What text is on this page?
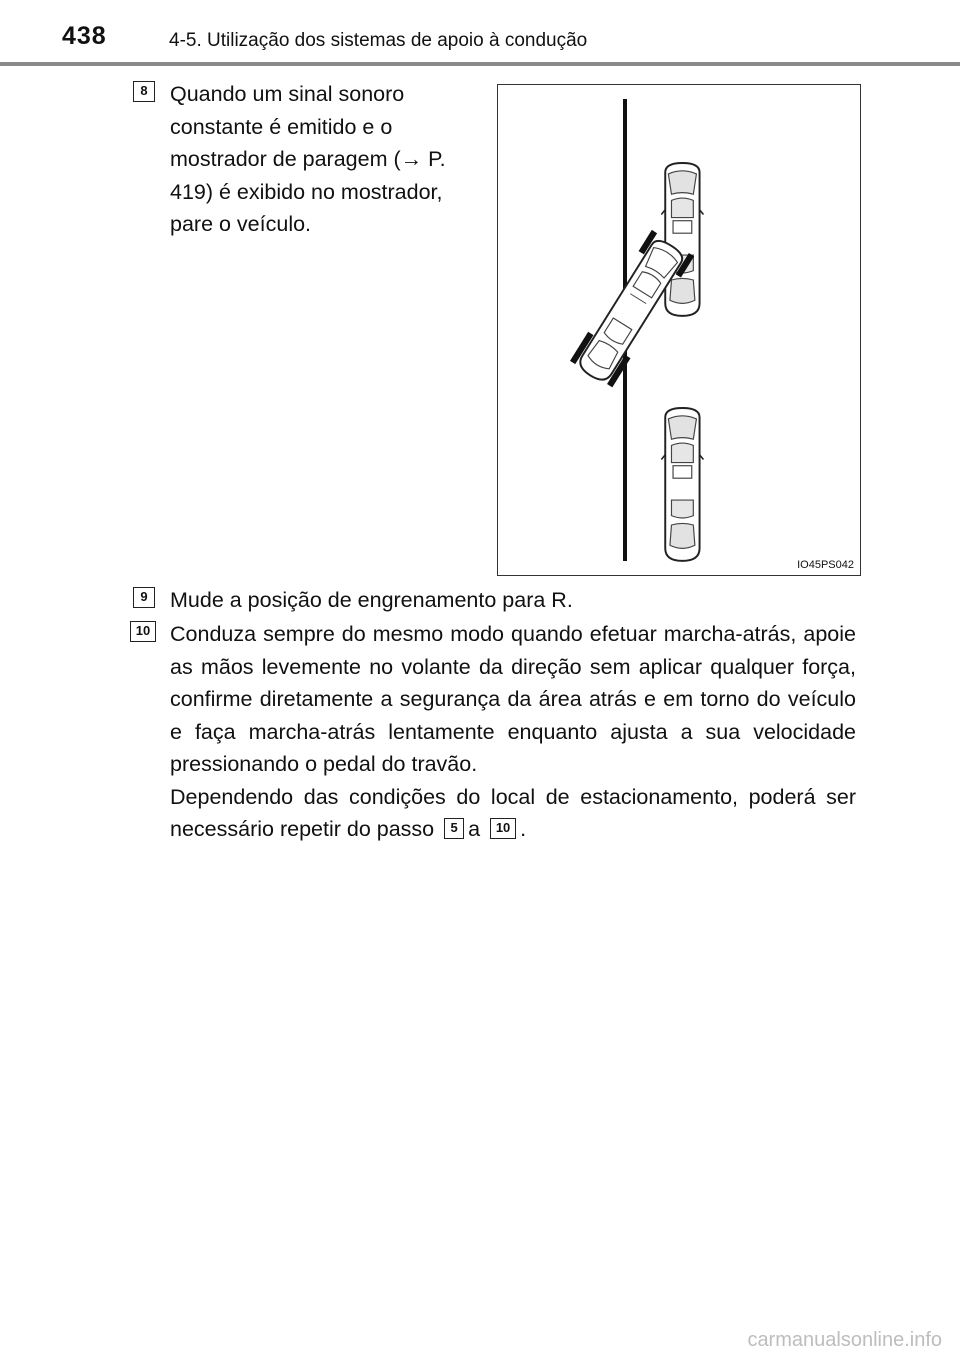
438	4-5. Utilização dos sistemas de apoio à condução
8	Quando um sinal sonoro constante é emitido e o mostrador de paragem (→ P. 419) é exibido no mostrador, pare o veículo.
IO45PS042
9	Mude a posição de engrenamento para R.
10 Conduza sempre do mesmo modo quando efetuar marcha-atrás, apoie as mãos levemente no volante da direção sem aplicar qualquer força, confirme diretamente a segurança da área atrás e em torno do veículo e faça marcha-atrás lentamente enquanto ajusta a sua velocidade pressionando o pedal do travão.
Dependendo das condições do local de estacionamento, poderá ser necessário repetir do passo 5 a 10 .
carmanualsonline.info
